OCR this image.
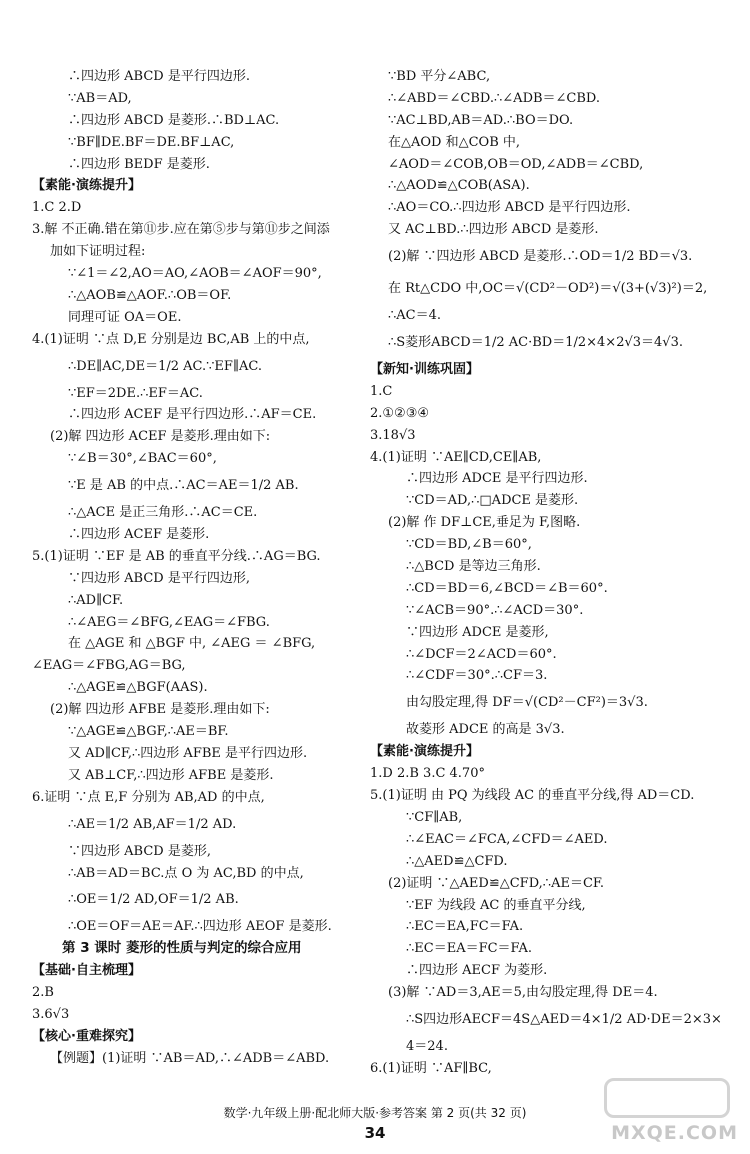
∴四边形 ABCD 是平行四边形.
∵AB＝AD,
∴四边形 ABCD 是菱形.∴BD⊥AC.
∵BF∥DE.BF＝DE.BF⊥AC,
∴四边形 BEDF 是菱形.
【素能·演练提升】
1.C 2.D
3.解 不正确.错在第⑪步.应在第⑤步与第⑪步之间添
加如下证明过程:
∵∠1＝∠2,AO＝AO,∠AOB＝∠AOF＝90°,
∴△AOB≌△AOF.∴OB＝OF.
同理可证 OA＝OE.
4.(1)证明 ∵点 D,E 分别是边 BC,AB 上的中点,
∴DE∥AC,DE＝1/2 AC.∵EF∥AC.
∵EF＝2DE.∴EF＝AC.
∴四边形 ACEF 是平行四边形.∴AF＝CE.
(2)解 四边形 ACEF 是菱形.理由如下:
∵∠B＝30°,∠BAC＝60°,
∵E 是 AB 的中点.∴AC＝AE＝1/2 AB.
∴△ACE 是正三角形.∴AC＝CE.
∴四边形 ACEF 是菱形.
5.(1)证明 ∵EF 是 AB 的垂直平分线.∴AG＝BG.
∵四边形 ABCD 是平行四边形,
∴AD∥CF.
∴∠AEG＝∠BFG,∠EAG＝∠FBG.
在 △AGE 和 △BGF 中, ∠AEG ＝ ∠BFG,
∠EAG＝∠FBG,AG＝BG,
∴△AGE≌△BGF(AAS).
(2)解 四边形 AFBE 是菱形.理由如下:
∵△AGE≌△BGF,∴AE＝BF.
又 AD∥CF,∴四边形 AFBE 是平行四边形.
又 AB⊥CF,∴四边形 AFBE 是菱形.
6.证明 ∵点 E,F 分别为 AB,AD 的中点,
∴AE＝1/2 AB,AF＝1/2 AD.
∵四边形 ABCD 是菱形,
∴AB＝AD＝BC.点 O 为 AC,BD 的中点,
∴OE＝1/2 AD,OF＝1/2 AB.
∴OE＝OF＝AE＝AF.∴四边形 AEOF 是菱形.
第 3 课时 菱形的性质与判定的综合应用
【基础·自主梳理】
2.B
3.6√3
【核心·重难探究】
【例题】(1)证明 ∵AB＝AD,∴∠ADB＝∠ABD.
∵BD 平分∠ABC,
∴∠ABD＝∠CBD.∴∠ADB＝∠CBD.
∵AC⊥BD,AB＝AD.∴BO＝DO.
在△AOD 和△COB 中,
∠AOD＝∠COB,OB＝OD,∠ADB＝∠CBD,
∴△AOD≌△COB(ASA).
∴AO＝CO.∴四边形 ABCD 是平行四边形.
又 AC⊥BD.∴四边形 ABCD 是菱形.
(2)解 ∵四边形 ABCD 是菱形.∴OD＝1/2 BD＝√3.
在 Rt△CDO 中,OC＝√(CD²－OD²)＝√(3+(√3)²)＝2,
∴AC＝4.
∴S菱形ABCD＝1/2 AC·BD＝1/2×4×2√3＝4√3.
【新知·训练巩固】
1.C
2.①②③④
3.18√3
4.(1)证明 ∵AE∥CD,CE∥AB,
∴四边形 ADCE 是平行四边形.
∵CD＝AD,∴□ADCE 是菱形.
(2)解 作 DF⊥CE,垂足为 F,图略.
∵CD＝BD,∠B＝60°,
∴△BCD 是等边三角形.
∴CD＝BD＝6,∠BCD＝∠B＝60°.
∵∠ACB＝90°.∴∠ACD＝30°.
∵四边形 ADCE 是菱形,
∴∠DCF＝2∠ACD＝60°.
∴∠CDF＝30°.∴CF＝3.
由勾股定理,得 DF＝√(CD²－CF²)＝3√3.
故菱形 ADCE 的高是 3√3.
【素能·演练提升】
1.D 2.B 3.C 4.70°
5.(1)证明 由 PQ 为线段 AC 的垂直平分线,得 AD＝CD.
∵CF∥AB,
∴∠EAC＝∠FCA,∠CFD＝∠AED.
∴△AED≌△CFD.
(2)证明 ∵△AED≌△CFD,∴AE＝CF.
∵EF 为线段 AC 的垂直平分线,
∴EC＝EA,FC＝FA.
∴EC＝EA＝FC＝FA.
∴四边形 AECF 为菱形.
(3)解 ∵AD＝3,AE＝5,由勾股定理,得 DE＝4.
∴S四边形AECF＝4S△AED＝4×1/2 AD·DE＝2×3×
4＝24.
6.(1)证明 ∵AF∥BC,
数学·九年级上册·配北师大版·参考答案 第 2 页(共 32 页)
34	MXQE.COM
